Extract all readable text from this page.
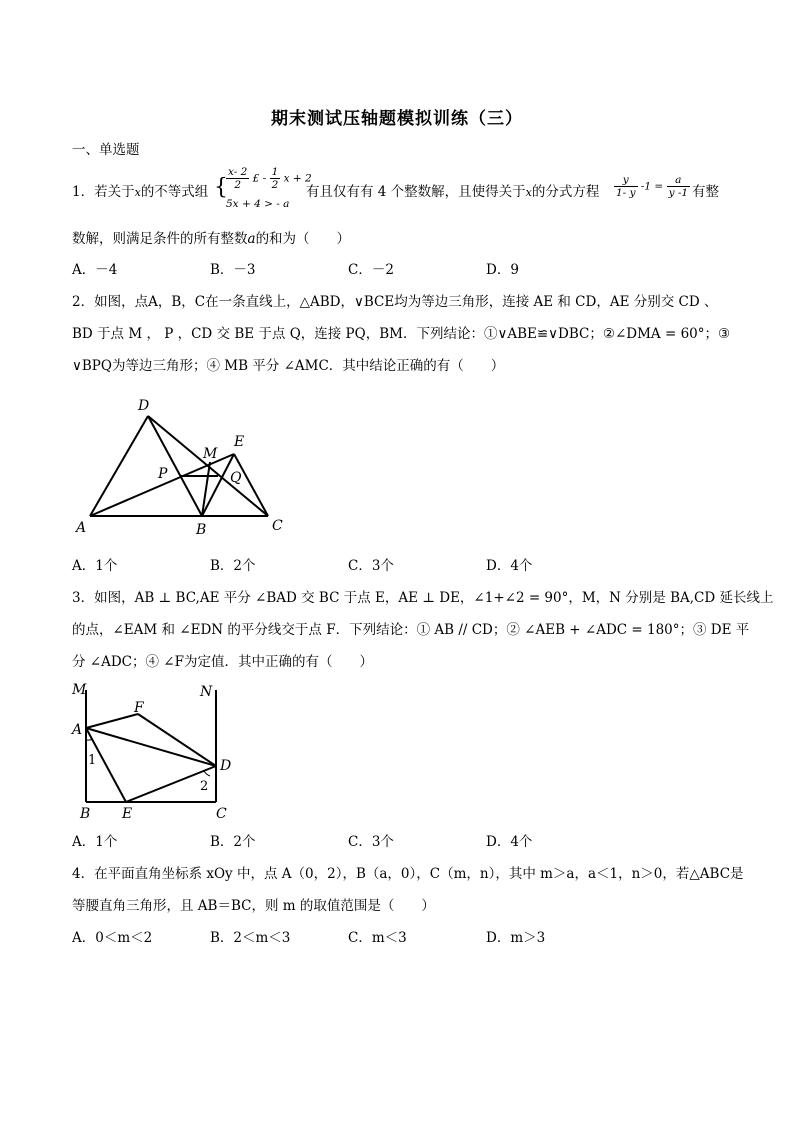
期末测试压轴题模拟训练（三）
一、单选题
1．若关于x的不等式组 {
$\frac{x- 2}{2}$ £ - $\frac{1}{2}$ x + 2
5x + 4 > - a
有且仅有有 4 个整数解，且使得关于x的分式方程 $\frac{y}{1- y} -1 = \frac{a}{y -1}$ 有整
数解，则满足条件的所有整数a的和为（　　）
A．－4	B．－3	C．－2	D．9
2．如图，点A，B，C在一条直线上，△ABD，∨BCE均为等边三角形，连接 AE 和 CD，AE 分别交 CD 、
BD 于点 M ， P ，CD 交 BE 于点 Q，连接 PQ，BM．下列结论：①∨ABE≌∨DBC；②∠DMA = 60°；③
∨BPQ为等边三角形；④ MB 平分 ∠AMC．其中结论正确的有（　　）
D
E
M
P	Q
A	B	C
A．1个	B．2个	C．3个	D．4个
3．如图，AB ⊥ BC,AE 平分 ∠BAD 交 BC 于点 E，AE ⊥ DE，∠1+∠2 = 90°，M，N 分别是 BA,CD 延长线上
的点，∠EAM 和 ∠EDN 的平分线交于点 F．下列结论：① AB // CD；② ∠AEB + ∠ADC = 180°；③ DE 平
分 ∠ADC；④ ∠F为定值．其中正确的有（　　）
M	N
F
A
1	D
2
B E	C
A．1个	B．2个	C．3个	D．4个
4．在平面直角坐标系 xOy 中，点 A（0，2），B（a，0），C（m，n），其中 m＞a，a＜1，n＞0，若△ABC是
等腰直角三角形，且 AB＝BC，则 m 的取值范围是（　　）
A．0＜m＜2	B．2＜m＜3	C．m＜3	D．m＞3
